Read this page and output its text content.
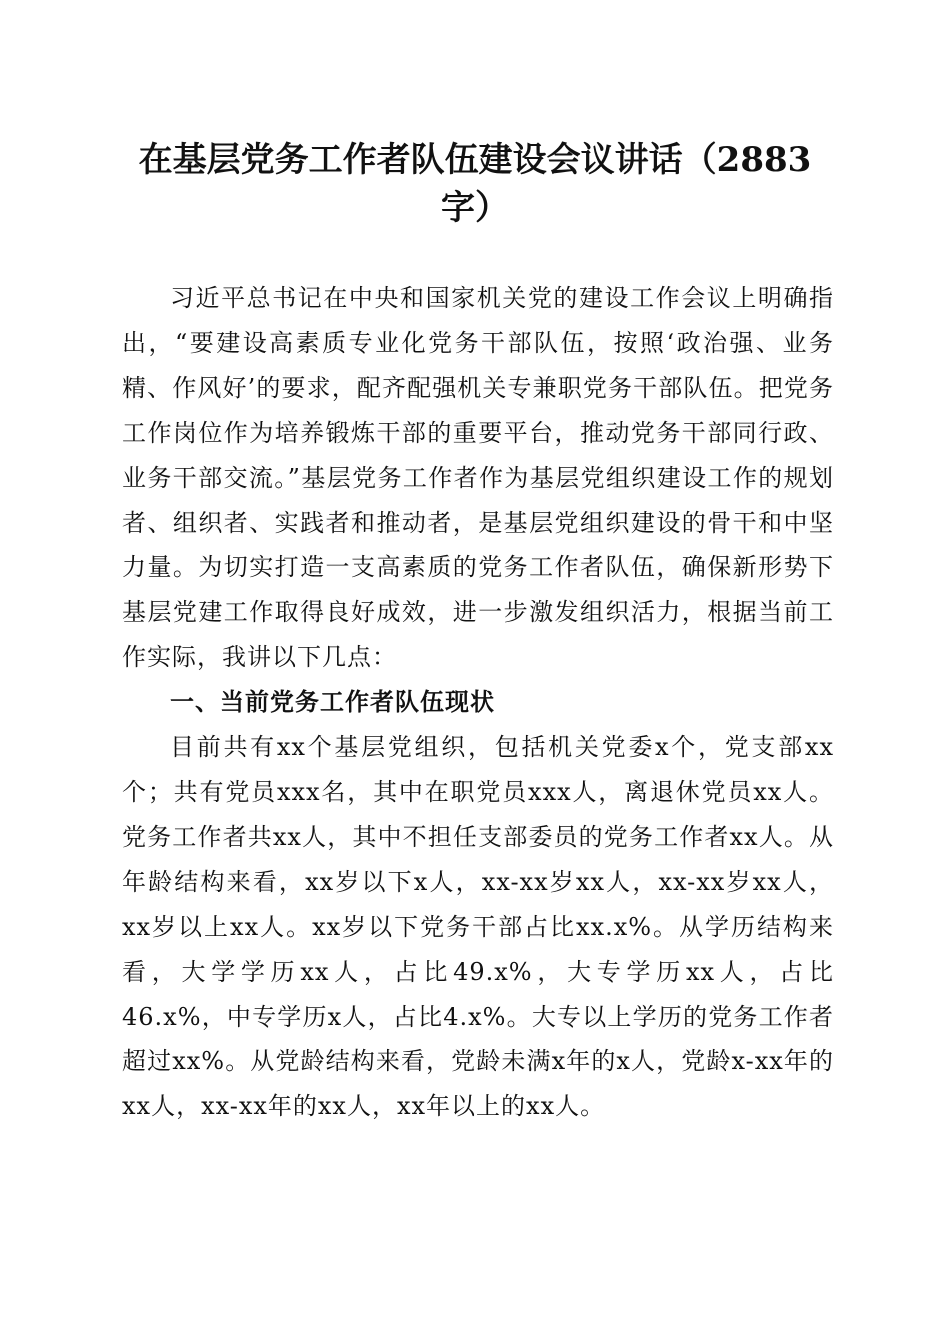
在基层党务工作者队伍建设会议讲话（2883
字）

习近平总书记在中央和国家机关党的建设工作会议上明确指出，“要建设高素质专业化党务干部队伍，按照‘政治强、业务精、作风好’的要求，配齐配强机关专兼职党务干部队伍。把党务工作岗位作为培养锻炼干部的重要平台，推动党务干部同行政、业务干部交流。”基层党务工作者作为基层党组织建设工作的规划者、组织者、实践者和推动者，是基层党组织建设的骨干和中坚力量。为切实打造一支高素质的党务工作者队伍，确保新形势下基层党建工作取得良好成效，进一步激发组织活力，根据当前工作实际，我讲以下几点：

一、当前党务工作者队伍现状

目前共有xx个基层党组织，包括机关党委x个，党支部xx个；共有党员xxx名，其中在职党员xxx人，离退休党员xx人。党务工作者共xx人，其中不担任支部委员的党务工作者xx人。从年龄结构来看，xx岁以下x人，xx-xx岁xx人，xx-xx岁xx人，xx岁以上xx人。xx岁以下党务干部占比xx.x%。从学历结构来看，大学学历xx人，占比49.x%，大专学历xx人，占比46.x%，中专学历x人，占比4.x%。大专以上学历的党务工作者超过xx%。从党龄结构来看，党龄未满x年的x人，党龄x-xx年的xx人，xx-xx年的xx人，xx年以上的xx人。
